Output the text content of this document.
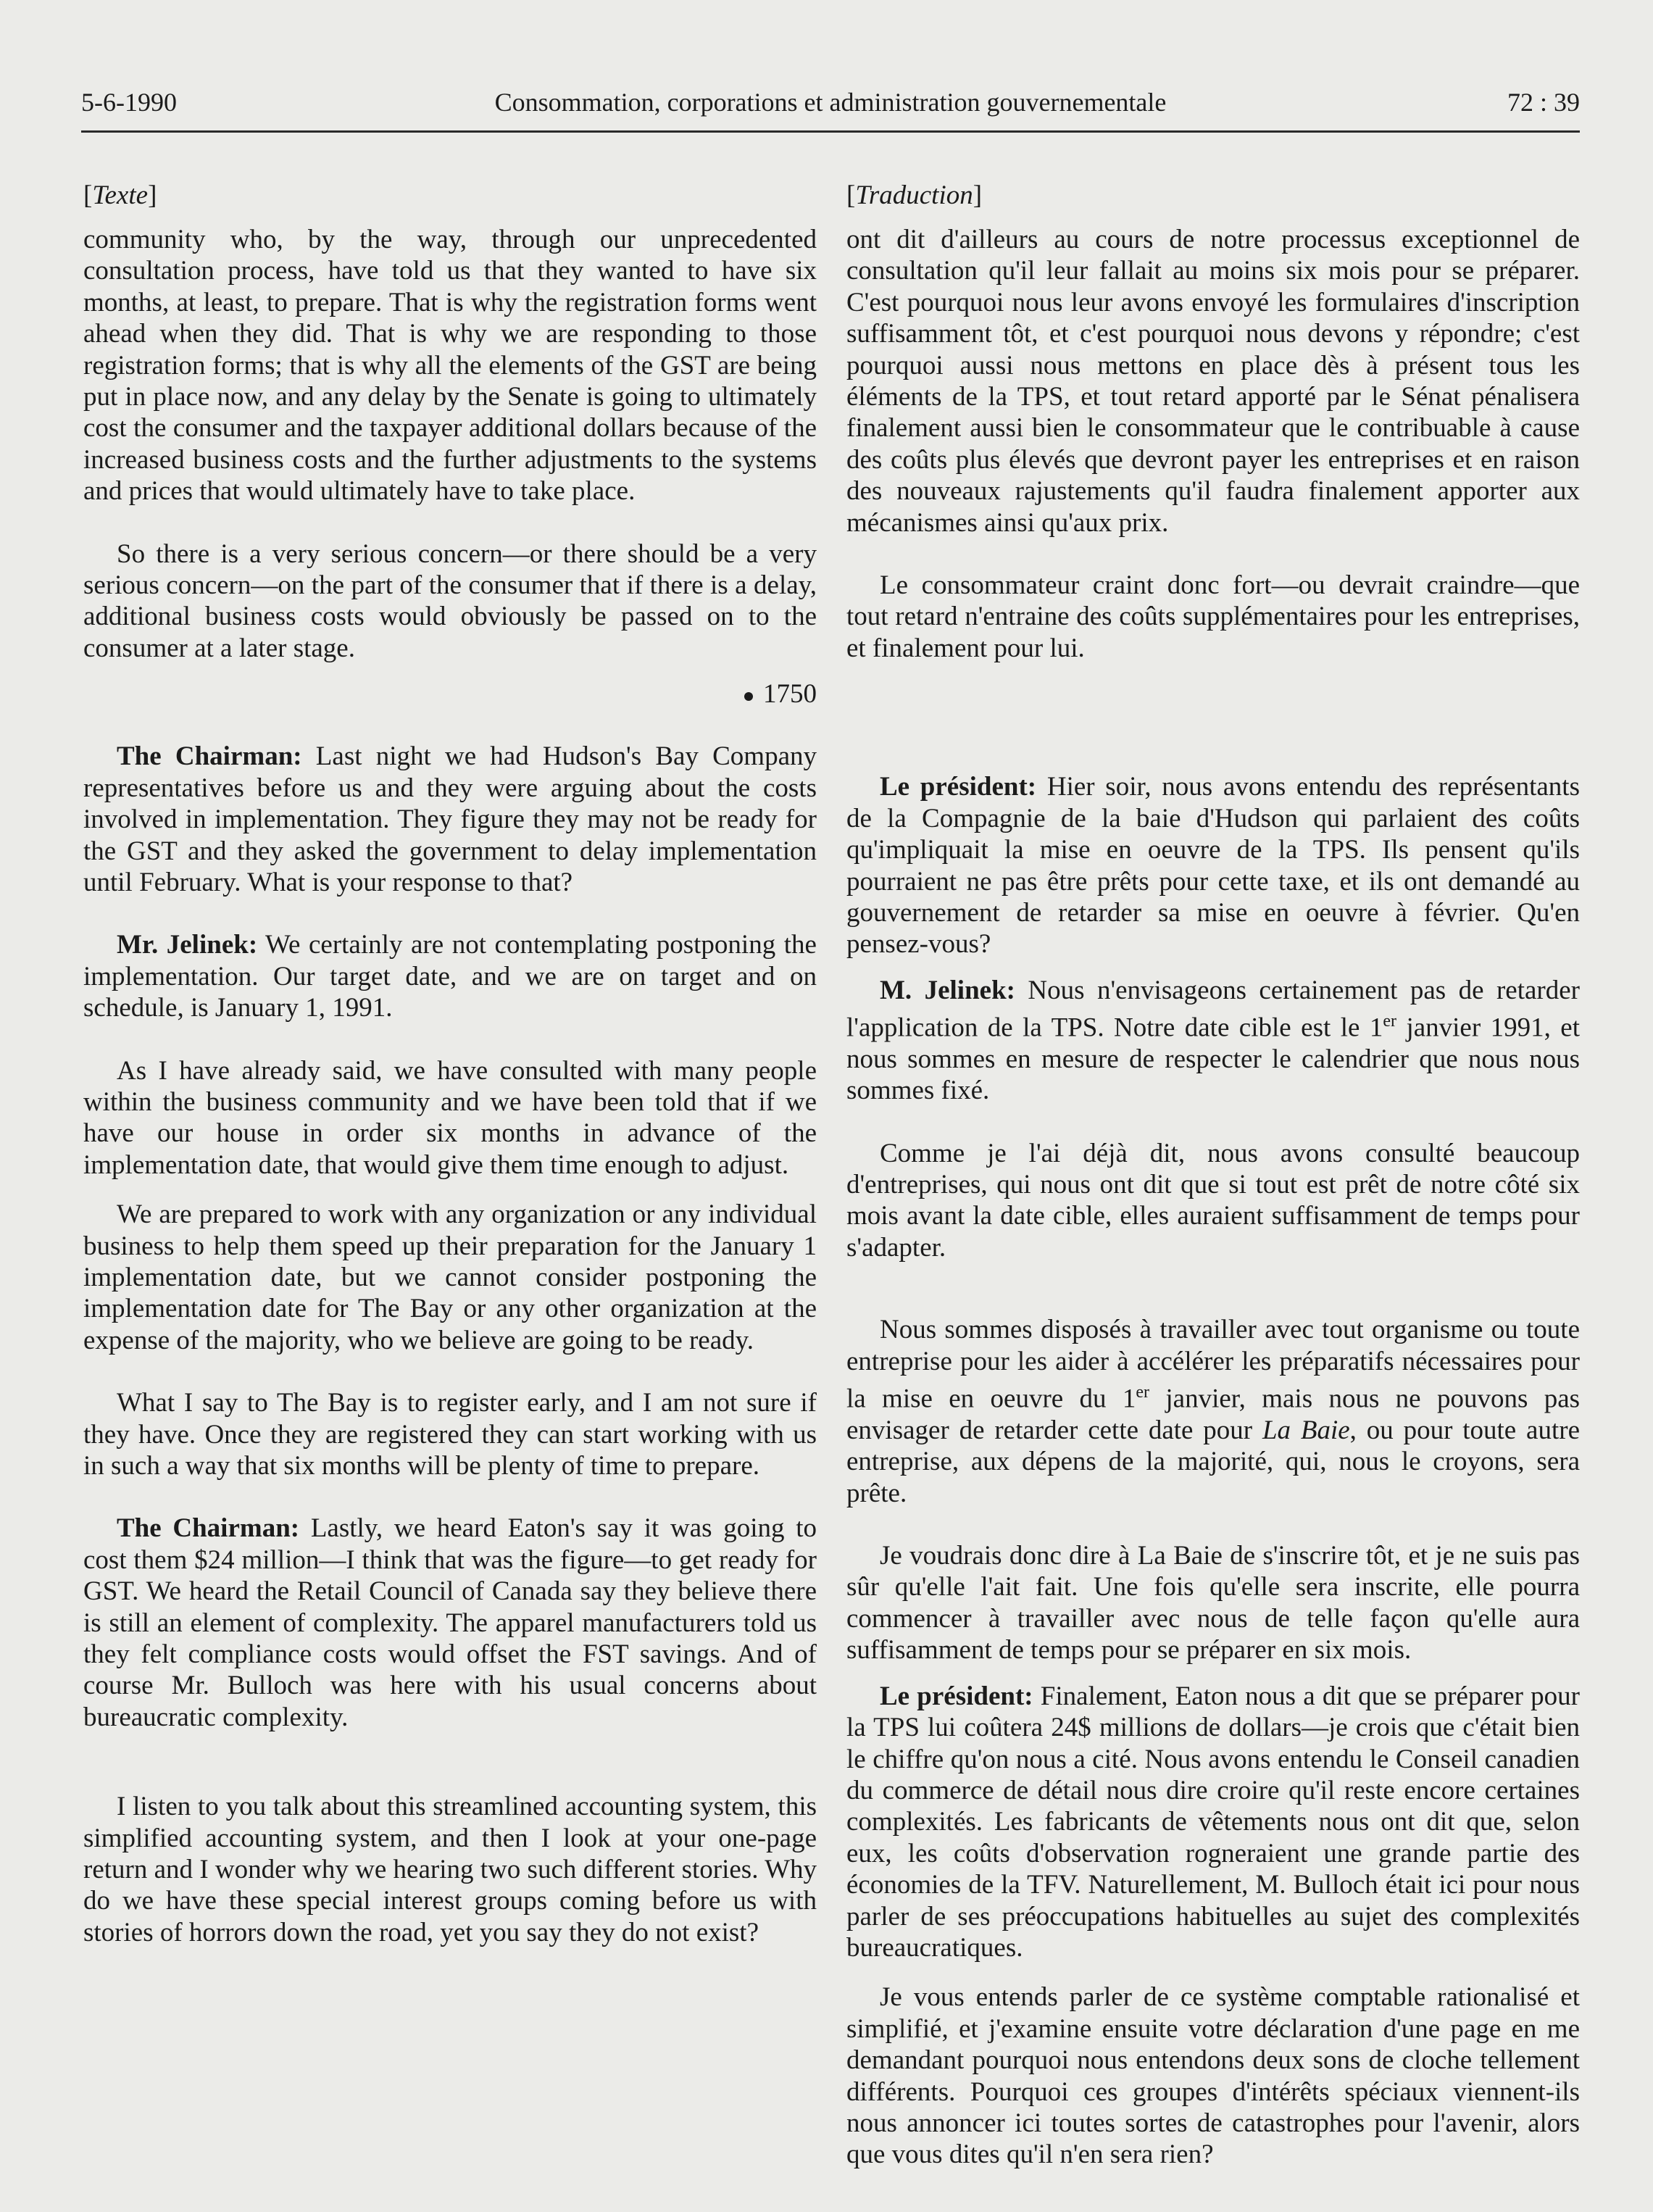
5-6-1990	Consommation, corporations et administration gouvernementale	72 : 39
[Texte]

community who, by the way, through our unprecedented consultation process, have told us that they wanted to have six months, at least, to prepare. That is why the registration forms went ahead when they did. That is why we are responding to those registration forms; that is why all the elements of the GST are being put in place now, and any delay by the Senate is going to ultimately cost the consumer and the taxpayer additional dollars because of the increased business costs and the further adjustments to the systems and prices that would ultimately have to take place.

So there is a very serious concern—or there should be a very serious concern—on the part of the consumer that if there is a delay, additional business costs would obviously be passed on to the consumer at a later stage.

1750

The Chairman: Last night we had Hudson's Bay Company representatives before us and they were arguing about the costs involved in implementation. They figure they may not be ready for the GST and they asked the government to delay implementation until February. What is your response to that?

Mr. Jelinek: We certainly are not contemplating postponing the implementation. Our target date, and we are on target and on schedule, is January 1, 1991.

As I have already said, we have consulted with many people within the business community and we have been told that if we have our house in order six months in advance of the implementation date, that would give them time enough to adjust.

We are prepared to work with any organization or any individual business to help them speed up their preparation for the January 1 implementation date, but we cannot consider postponing the implementation date for The Bay or any other organization at the expense of the majority, who we believe are going to be ready.

What I say to The Bay is to register early, and I am not sure if they have. Once they are registered they can start working with us in such a way that six months will be plenty of time to prepare.

The Chairman: Lastly, we heard Eaton's say it was going to cost them $24 million—I think that was the figure—to get ready for GST. We heard the Retail Council of Canada say they believe there is still an element of complexity. The apparel manufacturers told us they felt compliance costs would offset the FST savings. And of course Mr. Bulloch was here with his usual concerns about bureaucratic complexity.

I listen to you talk about this streamlined accounting system, this simplified accounting system, and then I look at your one-page return and I wonder why we hearing two such different stories. Why do we have these special interest groups coming before us with stories of horrors down the road, yet you say they do not exist?

[Traduction]

ont dit d'ailleurs au cours de notre processus exceptionnel de consultation qu'il leur fallait au moins six mois pour se préparer. C'est pourquoi nous leur avons envoyé les formulaires d'inscription suffisamment tôt, et c'est pourquoi nous devons y répondre; c'est pourquoi aussi nous mettons en place dès à présent tous les éléments de la TPS, et tout retard apporté par le Sénat pénalisera finalement aussi bien le consommateur que le contribuable à cause des coûts plus élevés que devront payer les entreprises et en raison des nouveaux rajustements qu'il faudra finalement apporter aux mécanismes ainsi qu'aux prix.

Le consommateur craint donc fort—ou devrait craindre—que tout retard n'entraine des coûts supplémentaires pour les entreprises, et finalement pour lui.

Le président: Hier soir, nous avons entendu des représentants de la Compagnie de la baie d'Hudson qui parlaient des coûts qu'impliquait la mise en oeuvre de la TPS. Ils pensent qu'ils pourraient ne pas être prêts pour cette taxe, et ils ont demandé au gouvernement de retarder sa mise en oeuvre à février. Qu'en pensez-vous?

M. Jelinek: Nous n'envisageons certainement pas de retarder l'application de la TPS. Notre date cible est le 1er janvier 1991, et nous sommes en mesure de respecter le calendrier que nous nous sommes fixé.

Comme je l'ai déjà dit, nous avons consulté beaucoup d'entreprises, qui nous ont dit que si tout est prêt de notre côté six mois avant la date cible, elles auraient suffisamment de temps pour s'adapter.

Nous sommes disposés à travailler avec tout organisme ou toute entreprise pour les aider à accélérer les préparatifs nécessaires pour la mise en oeuvre du 1er janvier, mais nous ne pouvons pas envisager de retarder cette date pour La Baie, ou pour toute autre entreprise, aux dépens de la majorité, qui, nous le croyons, sera prête.

Je voudrais donc dire à La Baie de s'inscrire tôt, et je ne suis pas sûr qu'elle l'ait fait. Une fois qu'elle sera inscrite, elle pourra commencer à travailler avec nous de telle façon qu'elle aura suffisamment de temps pour se préparer en six mois.

Le président: Finalement, Eaton nous a dit que se préparer pour la TPS lui coûtera 24$ millions de dollars—je crois que c'était bien le chiffre qu'on nous a cité. Nous avons entendu le Conseil canadien du commerce de détail nous dire croire qu'il reste encore certaines complexités. Les fabricants de vêtements nous ont dit que, selon eux, les coûts d'observation rogneraient une grande partie des économies de la TFV. Naturellement, M. Bulloch était ici pour nous parler de ses préoccupations habituelles au sujet des complexités bureaucratiques.

Je vous entends parler de ce système comptable rationalisé et simplifié, et j'examine ensuite votre déclaration d'une page en me demandant pourquoi nous entendons deux sons de cloche tellement différents. Pourquoi ces groupes d'intérêts spéciaux viennent-ils nous annoncer ici toutes sortes de catastrophes pour l'avenir, alors que vous dites qu'il n'en sera rien?
